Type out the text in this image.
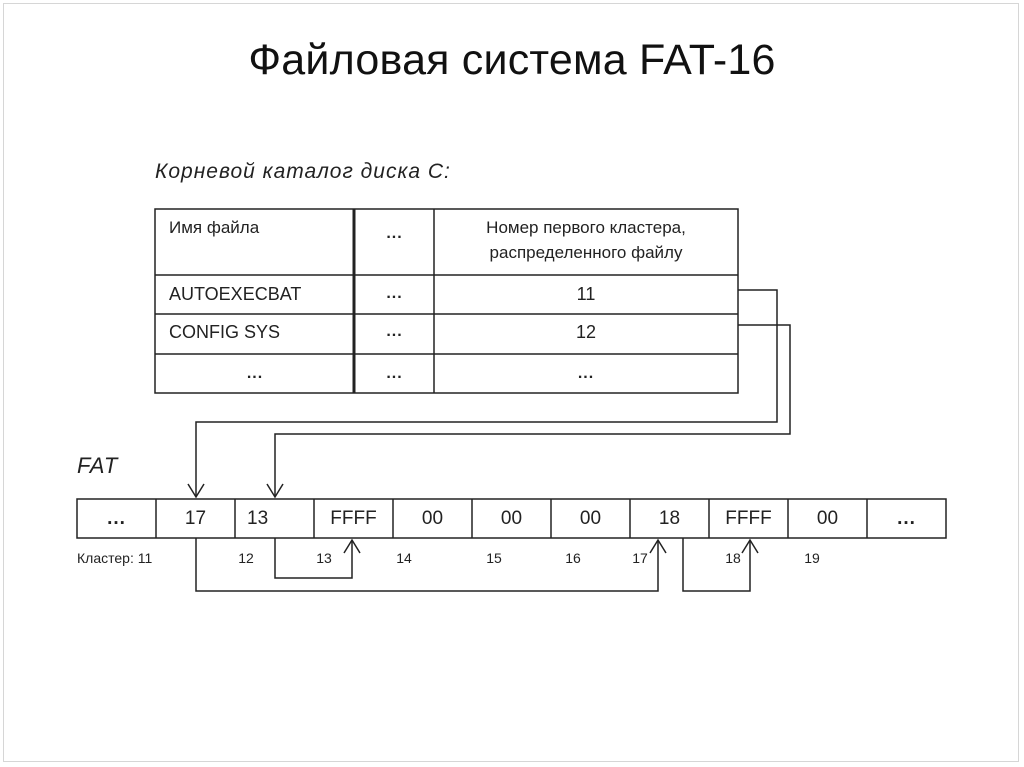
Файловая система FAT-16
Корневой каталог диска С:
Имя файла	...	Номер первого кластера,
распределенного файлу
AUTOEXECBAT	...	11
CONFIG SYS	...	12
...	...	...
FAT
...	17	13	FFFF	00	00	00	18	FFFF	00	...
Кластер: 11	12	13	14	15	16	17	18	19
